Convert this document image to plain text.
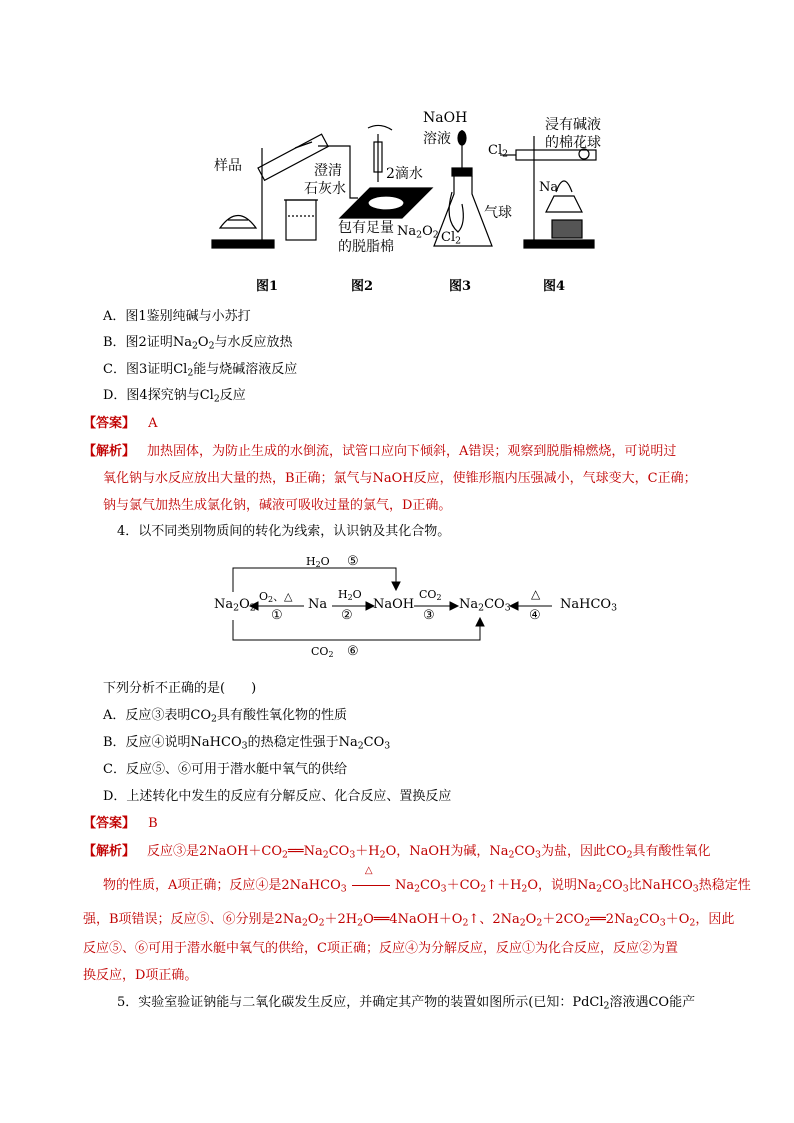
样品	澄清
石灰水
2滴水
包有足量
的脱脂棉
$Na_2O_2$
NaOH
溶液
气球
$Cl_2$
$Cl_2$
浸有碱液
的棉花球
Na
图1	图2	图3	图4
A．图1鉴别纯碱与小苏打
B．图2证明$Na_2O_2$与水反应放热
C．图3证明$Cl_2$能与烧碱溶液反应
D．图4探究钠与$Cl_2$反应
【答案】 A
【解析】 加热固体，为防止生成的水倒流，试管口应向下倾斜，A错误；观察到脱脂棉燃烧，可说明过
氧化钠与水反应放出大量的热，B正确；氯气与NaOH反应，使锥形瓶内压强减小，气球变大，C正确；
钠与氯气加热生成氯化钠，碱液可吸收过量的氯气，D正确。
4．以不同类别物质间的转化为线索，认识钠及其化合物。
$Na_2O_2$	Na	NaOH	$Na_2CO_3$	NaHCO$_3$
$O_2$、△
①
$H_2O$
②
$CO_2$
③
△
④
$H_2O$ ⑤
$CO_2$ ⑥
下列分析不正确的是(　　)
A．反应③表明$CO_2$具有酸性氧化物的性质
B．反应④说明NaHCO$_3$的热稳定性强于$Na_2CO_3$
C．反应⑤、⑥可用于潜水艇中氧气的供给
D．上述转化中发生的反应有分解反应、化合反应、置换反应
【答案】 B
【解析】 反应③是$2NaOH+CO_2══Na_2CO_3+H_2O$，NaOH为碱，$Na_2CO_3$为盐，因此$CO_2$具有酸性氧化
物的性质，A项正确；反应④是2NaHCO$_3$
△
$Na_2CO_3+CO_2↑+H_2O$，说明$Na_2CO_3$比NaHCO$_3$热稳定性
强，B项错误；反应⑤、⑥分别是$2Na_2O_2+2H_2O══4NaOH+O_2↑$、$2Na_2O_2+2CO_2══2Na_2CO_3+O_2$，因此
反应⑤、⑥可用于潜水艇中氧气的供给，C项正确；反应④为分解反应，反应①为化合反应，反应②为置
换反应，D项正确。
5．实验室验证钠能与二氧化碳发生反应，并确定其产物的装置如图所示(已知：PdCl$_2$溶液遇CO能产
